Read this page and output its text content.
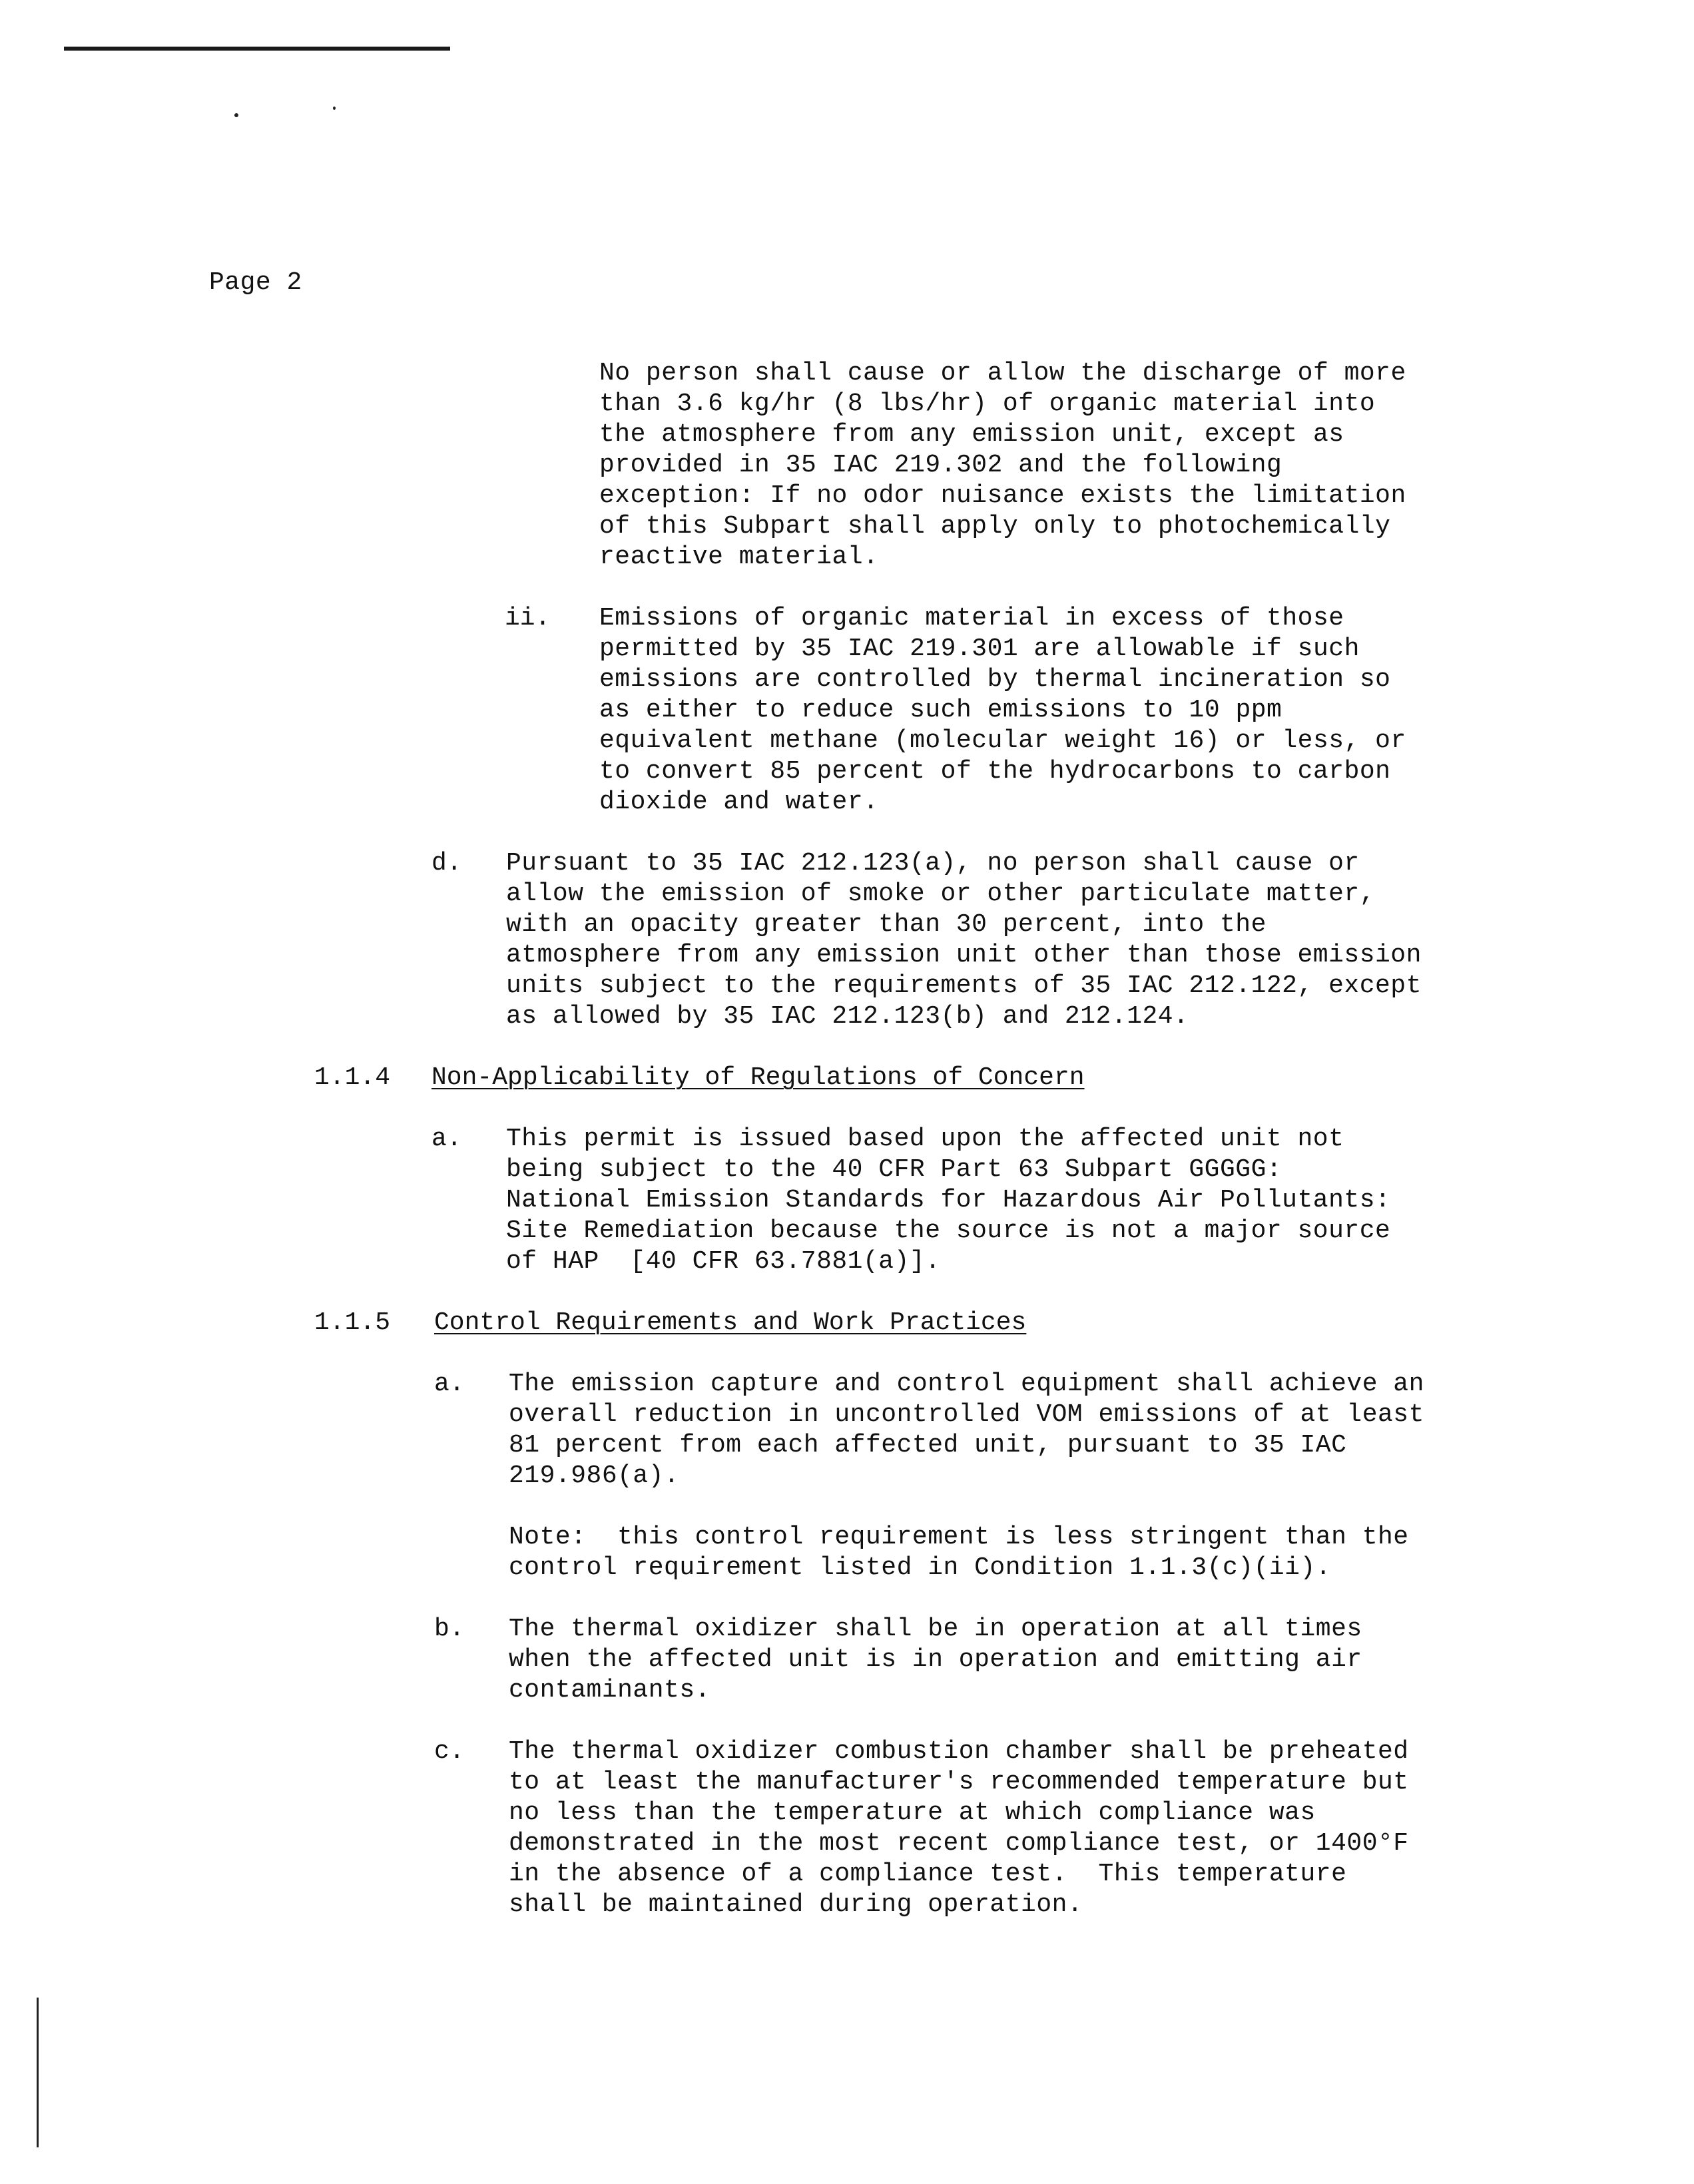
Page 2
No person shall cause or allow the discharge of more
than 3.6 kg/hr (8 lbs/hr) of organic material into
the atmosphere from any emission unit, except as
provided in 35 IAC 219.302 and the following
exception: If no odor nuisance exists the limitation
of this Subpart shall apply only to photochemically
reactive material.
ii. Emissions of organic material in excess of those
permitted by 35 IAC 219.301 are allowable if such
emissions are controlled by thermal incineration so
as either to reduce such emissions to 10 ppm
equivalent methane (molecular weight 16) or less, or
to convert 85 percent of the hydrocarbons to carbon
dioxide and water.
d. Pursuant to 35 IAC 212.123(a), no person shall cause or
allow the emission of smoke or other particulate matter,
with an opacity greater than 30 percent, into the
atmosphere from any emission unit other than those emission
units subject to the requirements of 35 IAC 212.122, except
as allowed by 35 IAC 212.123(b) and 212.124.
1.1.4 Non-Applicability of Regulations of Concern
a. This permit is issued based upon the affected unit not
being subject to the 40 CFR Part 63 Subpart GGGGG:
National Emission Standards for Hazardous Air Pollutants:
Site Remediation because the source is not a major source
of HAP  [40 CFR 63.7881(a)].
1.1.5 Control Requirements and Work Practices
a. The emission capture and control equipment shall achieve an
overall reduction in uncontrolled VOM emissions of at least
81 percent from each affected unit, pursuant to 35 IAC
219.986(a).
Note:  this control requirement is less stringent than the
control requirement listed in Condition 1.1.3(c)(ii).
b. The thermal oxidizer shall be in operation at all times
when the affected unit is in operation and emitting air
contaminants.
c. The thermal oxidizer combustion chamber shall be preheated
to at least the manufacturer's recommended temperature but
no less than the temperature at which compliance was
demonstrated in the most recent compliance test, or 1400°F
in the absence of a compliance test.  This temperature
shall be maintained during operation.
